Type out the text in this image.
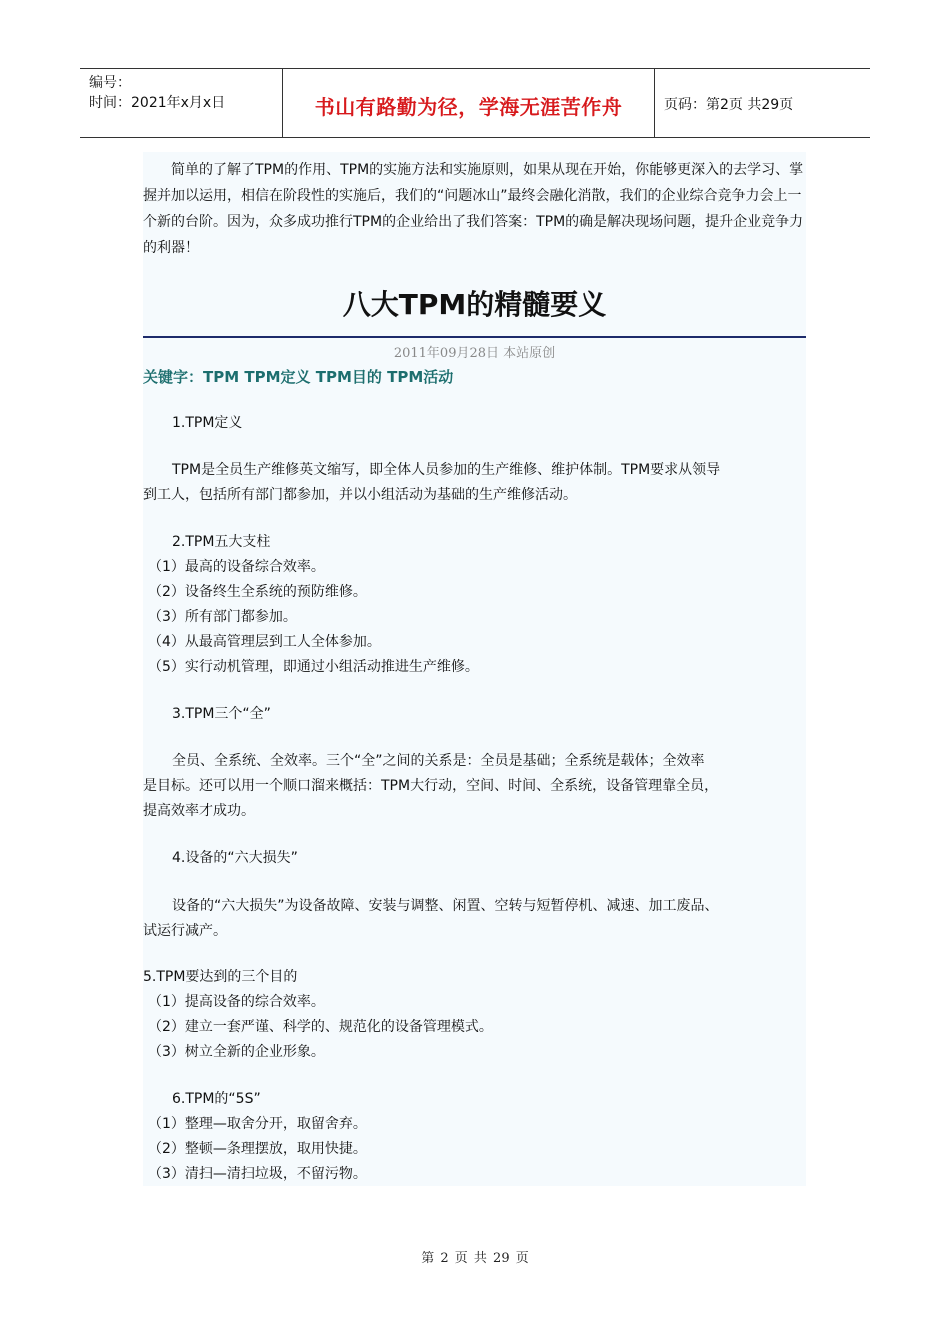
编号：
时间：2021年x月x日	书山有路勤为径，学海无涯苦作舟	页码：第2页 共29页

简单的了解了TPM的作用、TPM的实施方法和实施原则，如果从现在开始，你能够更深入的去学习、掌握并加以运用，相信在阶段性的实施后，我们的“问题冰山”最终会融化消散，我们的企业综合竞争力会上一个新的台阶。因为，众多成功推行TPM的企业给出了我们答案：TPM的确是解决现场问题，提升企业竞争力的利器！

八大TPM的精髓要义
2011年09月28日 本站原创
关键字：TPM TPM定义 TPM目的 TPM活动
1.TPM定义
TPM是全员生产维修英文缩写，即全体人员参加的生产维修、维护体制。TPM要求从领导
到工人，包括所有部门都参加，并以小组活动为基础的生产维修活动。
2.TPM五大支柱
（1）最高的设备综合效率。
（2）设备终生全系统的预防维修。
（3）所有部门都参加。
（4）从最高管理层到工人全体参加。
（5）实行动机管理，即通过小组活动推进生产维修。
3.TPM三个“全”
全员、全系统、全效率。三个“全”之间的关系是：全员是基础；全系统是载体；全效率
是目标。还可以用一个顺口溜来概括：TPM大行动，空间、时间、全系统，设备管理靠全员，
提高效率才成功。
4.设备的“六大损失”
设备的“六大损失”为设备故障、安装与调整、闲置、空转与短暂停机、减速、加工废品、
试运行减产。
5.TPM要达到的三个目的
（1）提高设备的综合效率。
（2）建立一套严谨、科学的、规范化的设备管理模式。
（3）树立全新的企业形象。
6.TPM的“5S”
（1）整理—取舍分开，取留舍弃。
（2）整顿—条理摆放，取用快捷。
（3）清扫—清扫垃圾，不留污物。
第 2 页 共 29 页
